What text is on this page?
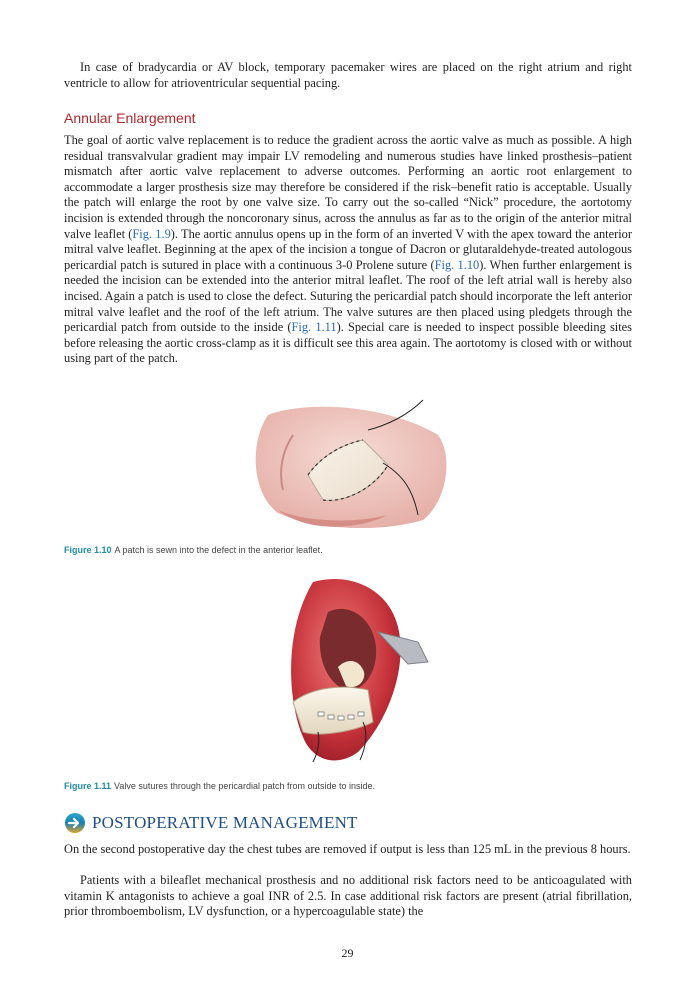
In case of bradycardia or AV block, temporary pacemaker wires are placed on the right atrium and right ventricle to allow for atrioventricular sequential pacing.

Annular Enlargement

The goal of aortic valve replacement is to reduce the gradient across the aortic valve as much as possible. A high residual transvalvular gradient may impair LV remodeling and numerous studies have linked prosthesis–patient mismatch after aortic valve replacement to adverse outcomes. Performing an aortic root enlargement to accommodate a larger prosthesis size may therefore be considered if the risk–benefit ratio is acceptable. Usually the patch will enlarge the root by one valve size. To carry out the so-called “Nick” procedure, the aortotomy incision is extended through the noncoronary sinus, across the annulus as far as to the origin of the anterior mitral valve leaflet (Fig. 1.9). The aortic annulus opens up in the form of an inverted V with the apex toward the anterior mitral valve leaflet. Beginning at the apex of the incision a tongue of Dacron or glutaraldehyde-treated autologous pericardial patch is sutured in place with a continuous 3-0 Prolene suture (Fig. 1.10). When further enlargement is needed the incision can be extended into the anterior mitral leaflet. The roof of the left atrial wall is hereby also incised. Again a patch is used to close the defect. Suturing the pericardial patch should incorporate the left anterior mitral valve leaflet and the roof of the left atrium. The valve sutures are then placed using pledgets through the pericardial patch from outside to the inside (Fig. 1.11). Special care is needed to inspect possible bleeding sites before releasing the aortic cross-clamp as it is difficult see this area again. The aortotomy is closed with or without using part of the patch.

Figure 1.10 A patch is sewn into the defect in the anterior leaflet.

Figure 1.11 Valve sutures through the pericardial patch from outside to inside.

POSTOPERATIVE MANAGEMENT

On the second postoperative day the chest tubes are removed if output is less than 125 mL in the previous 8 hours.

Patients with a bileaflet mechanical prosthesis and no additional risk factors need to be anticoagulated with vitamin K antagonists to achieve a goal INR of 2.5. In case additional risk factors are present (atrial fibrillation, prior thromboembolism, LV dysfunction, or a hypercoagulable state) the

29
